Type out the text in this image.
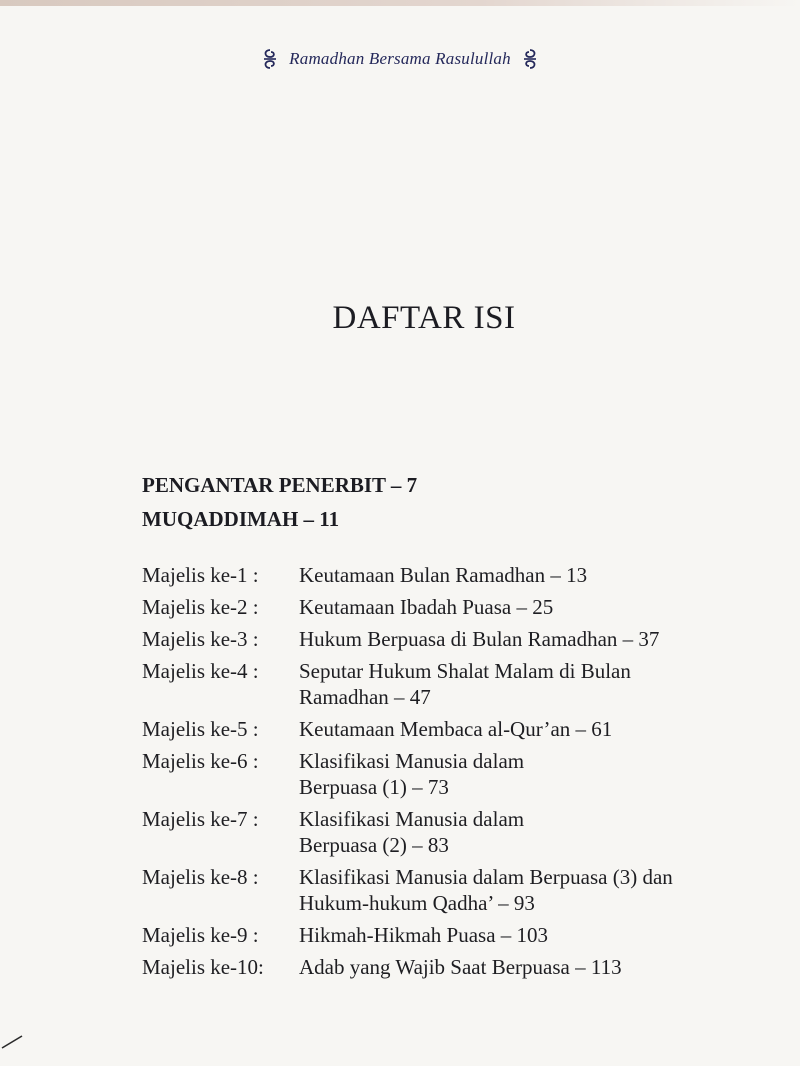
Ramadhan Bersama Rasulullah
DAFTAR ISI
PENGANTAR PENERBIT – 7
MUQADDIMAH – 11
Majelis ke-1 :	Keutamaan Bulan Ramadhan – 13
Majelis ke-2 :	Keutamaan Ibadah Puasa – 25
Majelis ke-3 :	Hukum Berpuasa di Bulan Ramadhan – 37
Majelis ke-4 :	Seputar Hukum Shalat Malam di Bulan Ramadhan – 47
Majelis ke-5 :	Keutamaan Membaca al-Qur’an – 61
Majelis ke-6 :	Klasifikasi Manusia dalam Berpuasa (1) – 73
Majelis ke-7 :	Klasifikasi Manusia dalam Berpuasa (2) – 83
Majelis ke-8 :	Klasifikasi Manusia dalam Berpuasa (3) dan Hukum-hukum Qadha’ – 93
Majelis ke-9 :	Hikmah-Hikmah Puasa – 103
Majelis ke-10:	Adab yang Wajib Saat Berpuasa – 113
